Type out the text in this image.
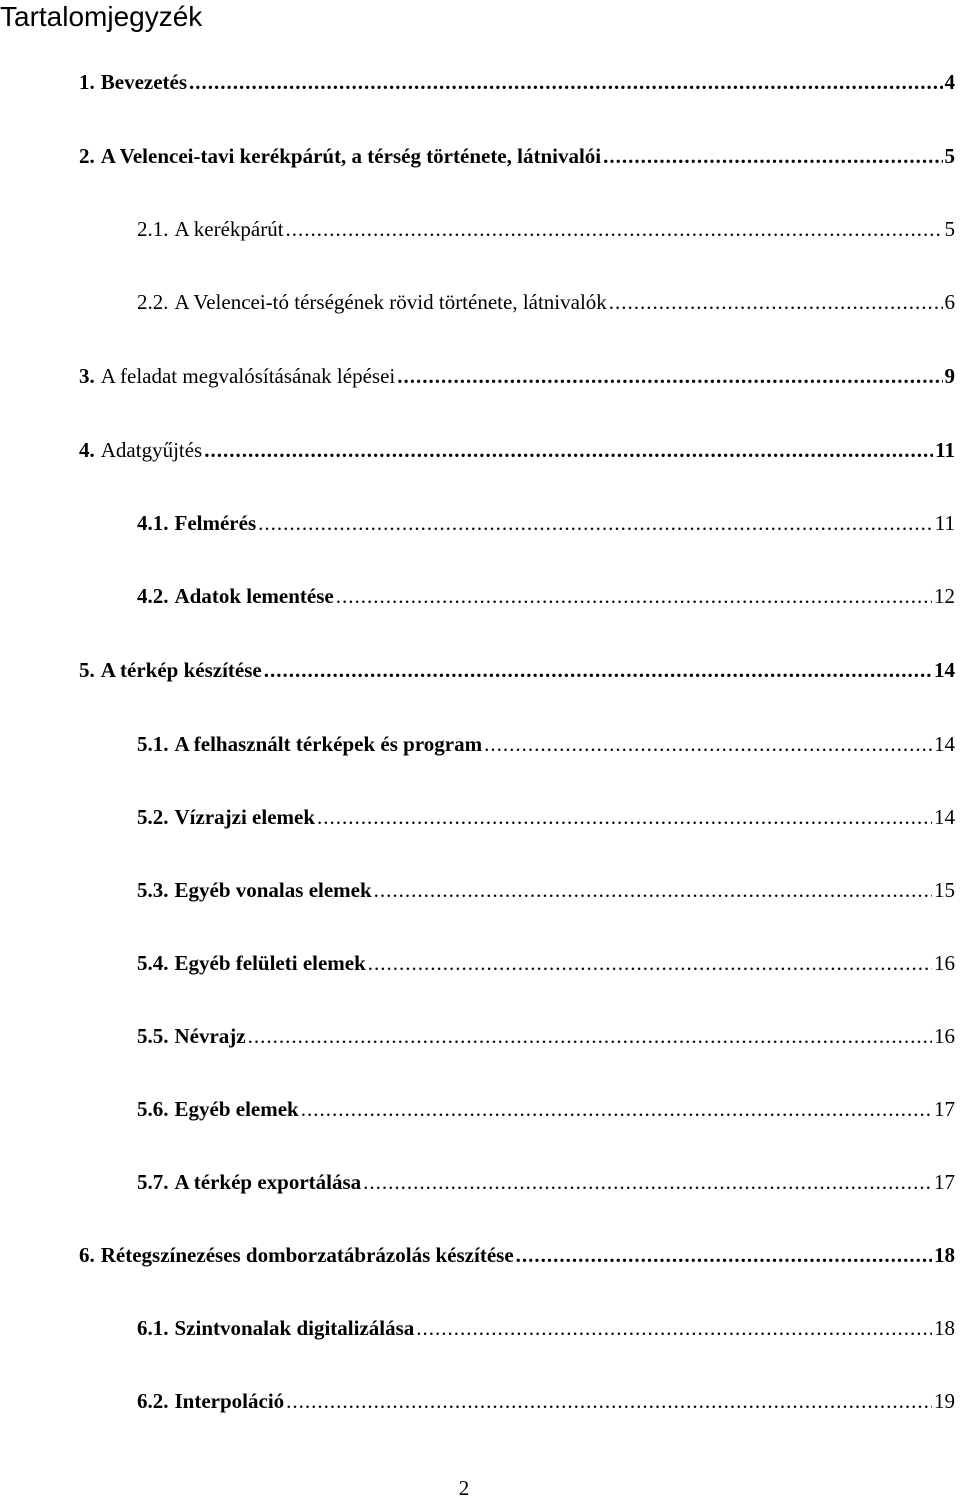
Tartalomjegyzék
1. Bevezetés .....	4
2. A Velencei-tavi kerékpárút, a térség története, látnivalói .....	5
2.1. A kerékpárút .....	5
2.2. A Velencei-tó térségének rövid története, látnivalók .....	6
3. A feladat megvalósításának lépései .....	9
4. Adatgyűjtés .....	11
4.1. Felmérés .....	11
4.2. Adatok lementése .....	12
5. A térkép készítése .....	14
5.1. A felhasznált térképek és program .....	14
5.2. Vízrajzi elemek .....	14
5.3. Egyéb vonalas elemek .....	15
5.4. Egyéb felületi elemek .....	16
5.5. Névrajz .....	16
5.6. Egyéb elemek .....	17
5.7. A térkép exportálása .....	17
6. Rétegszínezéses domborzatábrázolás készítése .....	18
6.1. Szintvonalak digitalizálása .....	18
6.2. Interpoláció .....	19
2
